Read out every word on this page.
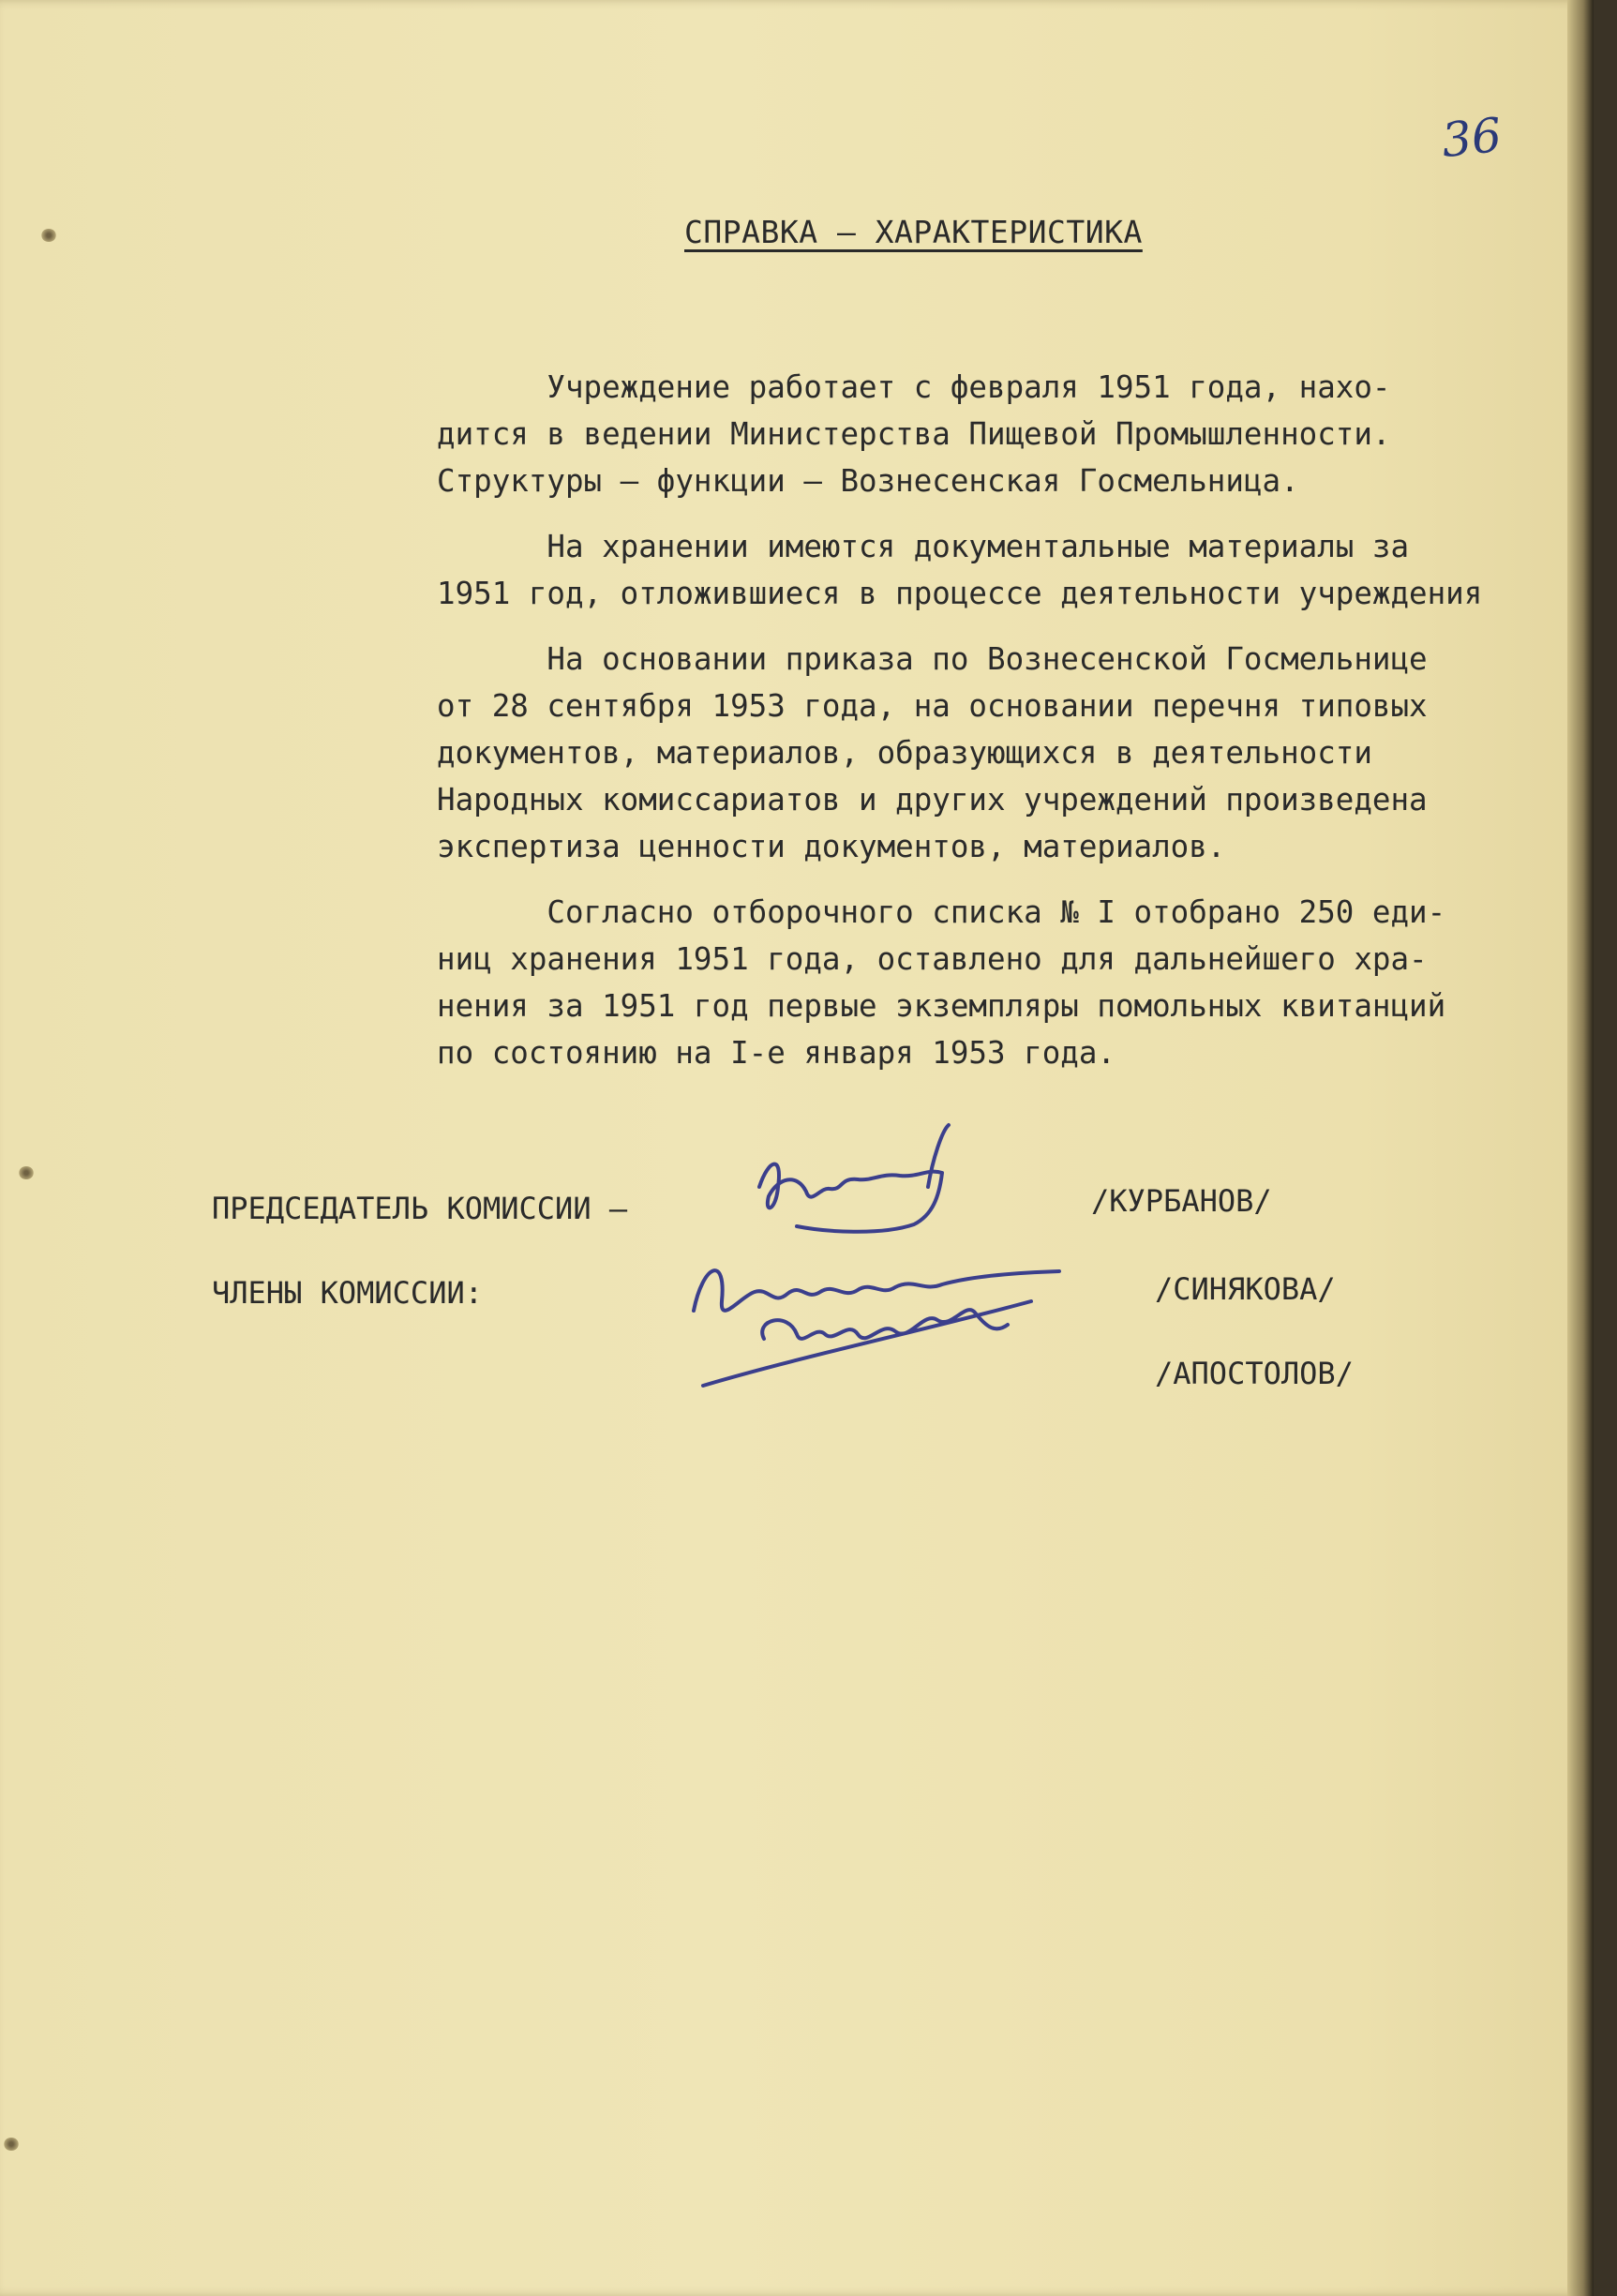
36
СПРАВКА – ХАРАКТЕРИСТИКА

Учреждение работает с февраля 1951 года, нахо-
дится в ведении Министерства Пищевой Промышленности.
Структуры – функции – Вознесенская Госмельница.

На хранении имеются документальные материалы за
1951 год, отложившиеся в процессе деятельности учреждения

На основании приказа по Вознесенской Госмельнице
от 28 сентября 1953 года, на основании перечня типовых
документов, материалов, образующихся в деятельности
Народных комиссариатов и других учреждений произведена
экспертиза ценности документов, материалов.

Согласно отборочного списка № I отобрано 250 еди-
ниц хранения 1951 года, оставлено для дальнейшего хра-
нения за 1951 год первые экземпляры помольных квитанций
по состоянию на I-е января 1953 года.

ПРЕДСЕДАТЕЛЬ КОМИССИИ –	/КУРБАНОВ/
ЧЛЕНЫ КОМИССИИ:	/СИНЯКОВА/
/АПОСТОЛОВ/
